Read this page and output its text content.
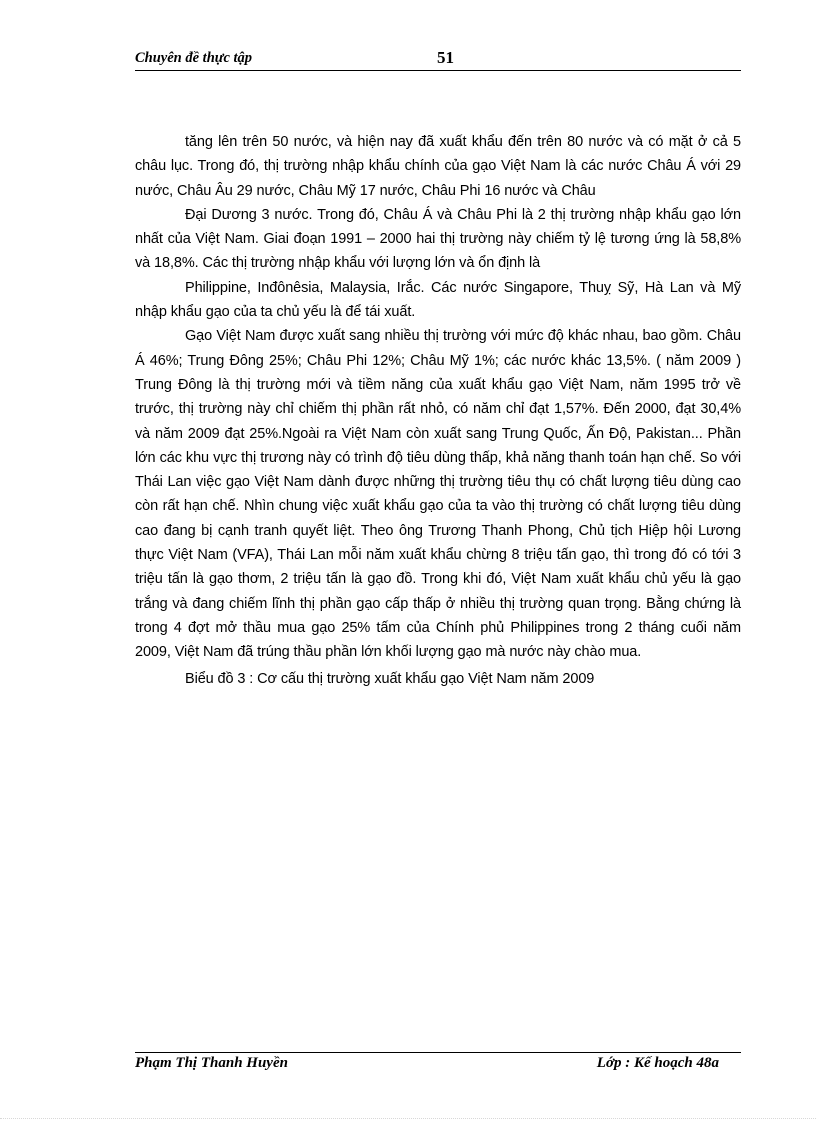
Chuyên đề thực tập	51

tăng lên trên 50 nước, và hiện nay đã xuất khẩu đến trên 80 nước và có mặt ở cả 5 châu lục. Trong đó, thị trường nhập khẩu chính của gạo Việt Nam là các nước Châu Á với 29 nước, Châu Âu 29 nước, Châu Mỹ 17 nước, Châu Phi 16 nước và Châu

Đại Dương 3 nước. Trong đó, Châu Á và Châu Phi là 2 thị trường nhập khẩu gạo lớn nhất của Việt Nam. Giai đoạn 1991 – 2000 hai thị trường này chiếm tỷ lệ tương ứng là 58,8% và 18,8%. Các thị trường nhập khẩu với lượng lớn và ổn định là

Philippine, Inđônêsia, Malaysia, Irắc. Các nước Singapore, Thuỵ Sỹ, Hà Lan và Mỹ nhập khẩu gạo của ta chủ yếu là để tái xuất.

Gạo Việt Nam được xuất sang nhiều thị trường với mức độ khác nhau, bao gồm. Châu Á 46%; Trung Đông 25%; Châu Phi 12%; Châu Mỹ 1%; các nước khác 13,5%. ( năm 2009 ) Trung Đông là thị trường mới và tiềm năng của xuất khẩu gạo Việt Nam, năm 1995 trở về trước, thị trường này chỉ chiếm thị phần rất nhỏ, có năm chỉ đạt 1,57%. Đến 2000, đạt 30,4% và năm 2009 đạt 25%.Ngoài ra Việt Nam còn xuất sang Trung Quốc, Ấn Độ, Pakistan... Phần lớn các khu vực thị trương này có trình độ tiêu dùng thấp, khả năng thanh toán hạn chế. So với Thái Lan việc gạo Việt Nam dành được những thị trường tiêu thụ có chất lượng tiêu dùng cao còn rất hạn chế. Nhìn chung việc xuất khẩu gạo của ta vào thị trường có chất lượng tiêu dùng cao đang bị cạnh tranh quyết liệt. Theo ông Trương Thanh Phong, Chủ tịch Hiệp hội Lương thực Việt Nam (VFA), Thái Lan mỗi năm xuất khẩu chừng 8 triệu tấn gạo, thì trong đó có tới 3 triệu tấn là gạo thơm, 2 triệu tấn là gạo đồ. Trong khi đó, Việt Nam xuất khẩu chủ yếu là gạo trắng và đang chiếm lĩnh thị phần gạo cấp thấp ở nhiều thị trường quan trọng. Bằng chứng là trong 4 đợt mở thầu mua gạo 25% tấm của Chính phủ Philippines trong 2 tháng cuối năm 2009, Việt Nam đã trúng thầu phần lớn khối lượng gạo mà nước này chào mua.

Biểu đồ 3 : Cơ cấu thị trường xuất khẩu gạo Việt Nam năm 2009

Phạm Thị Thanh Huyền	Lớp : Kế hoạch 48a
